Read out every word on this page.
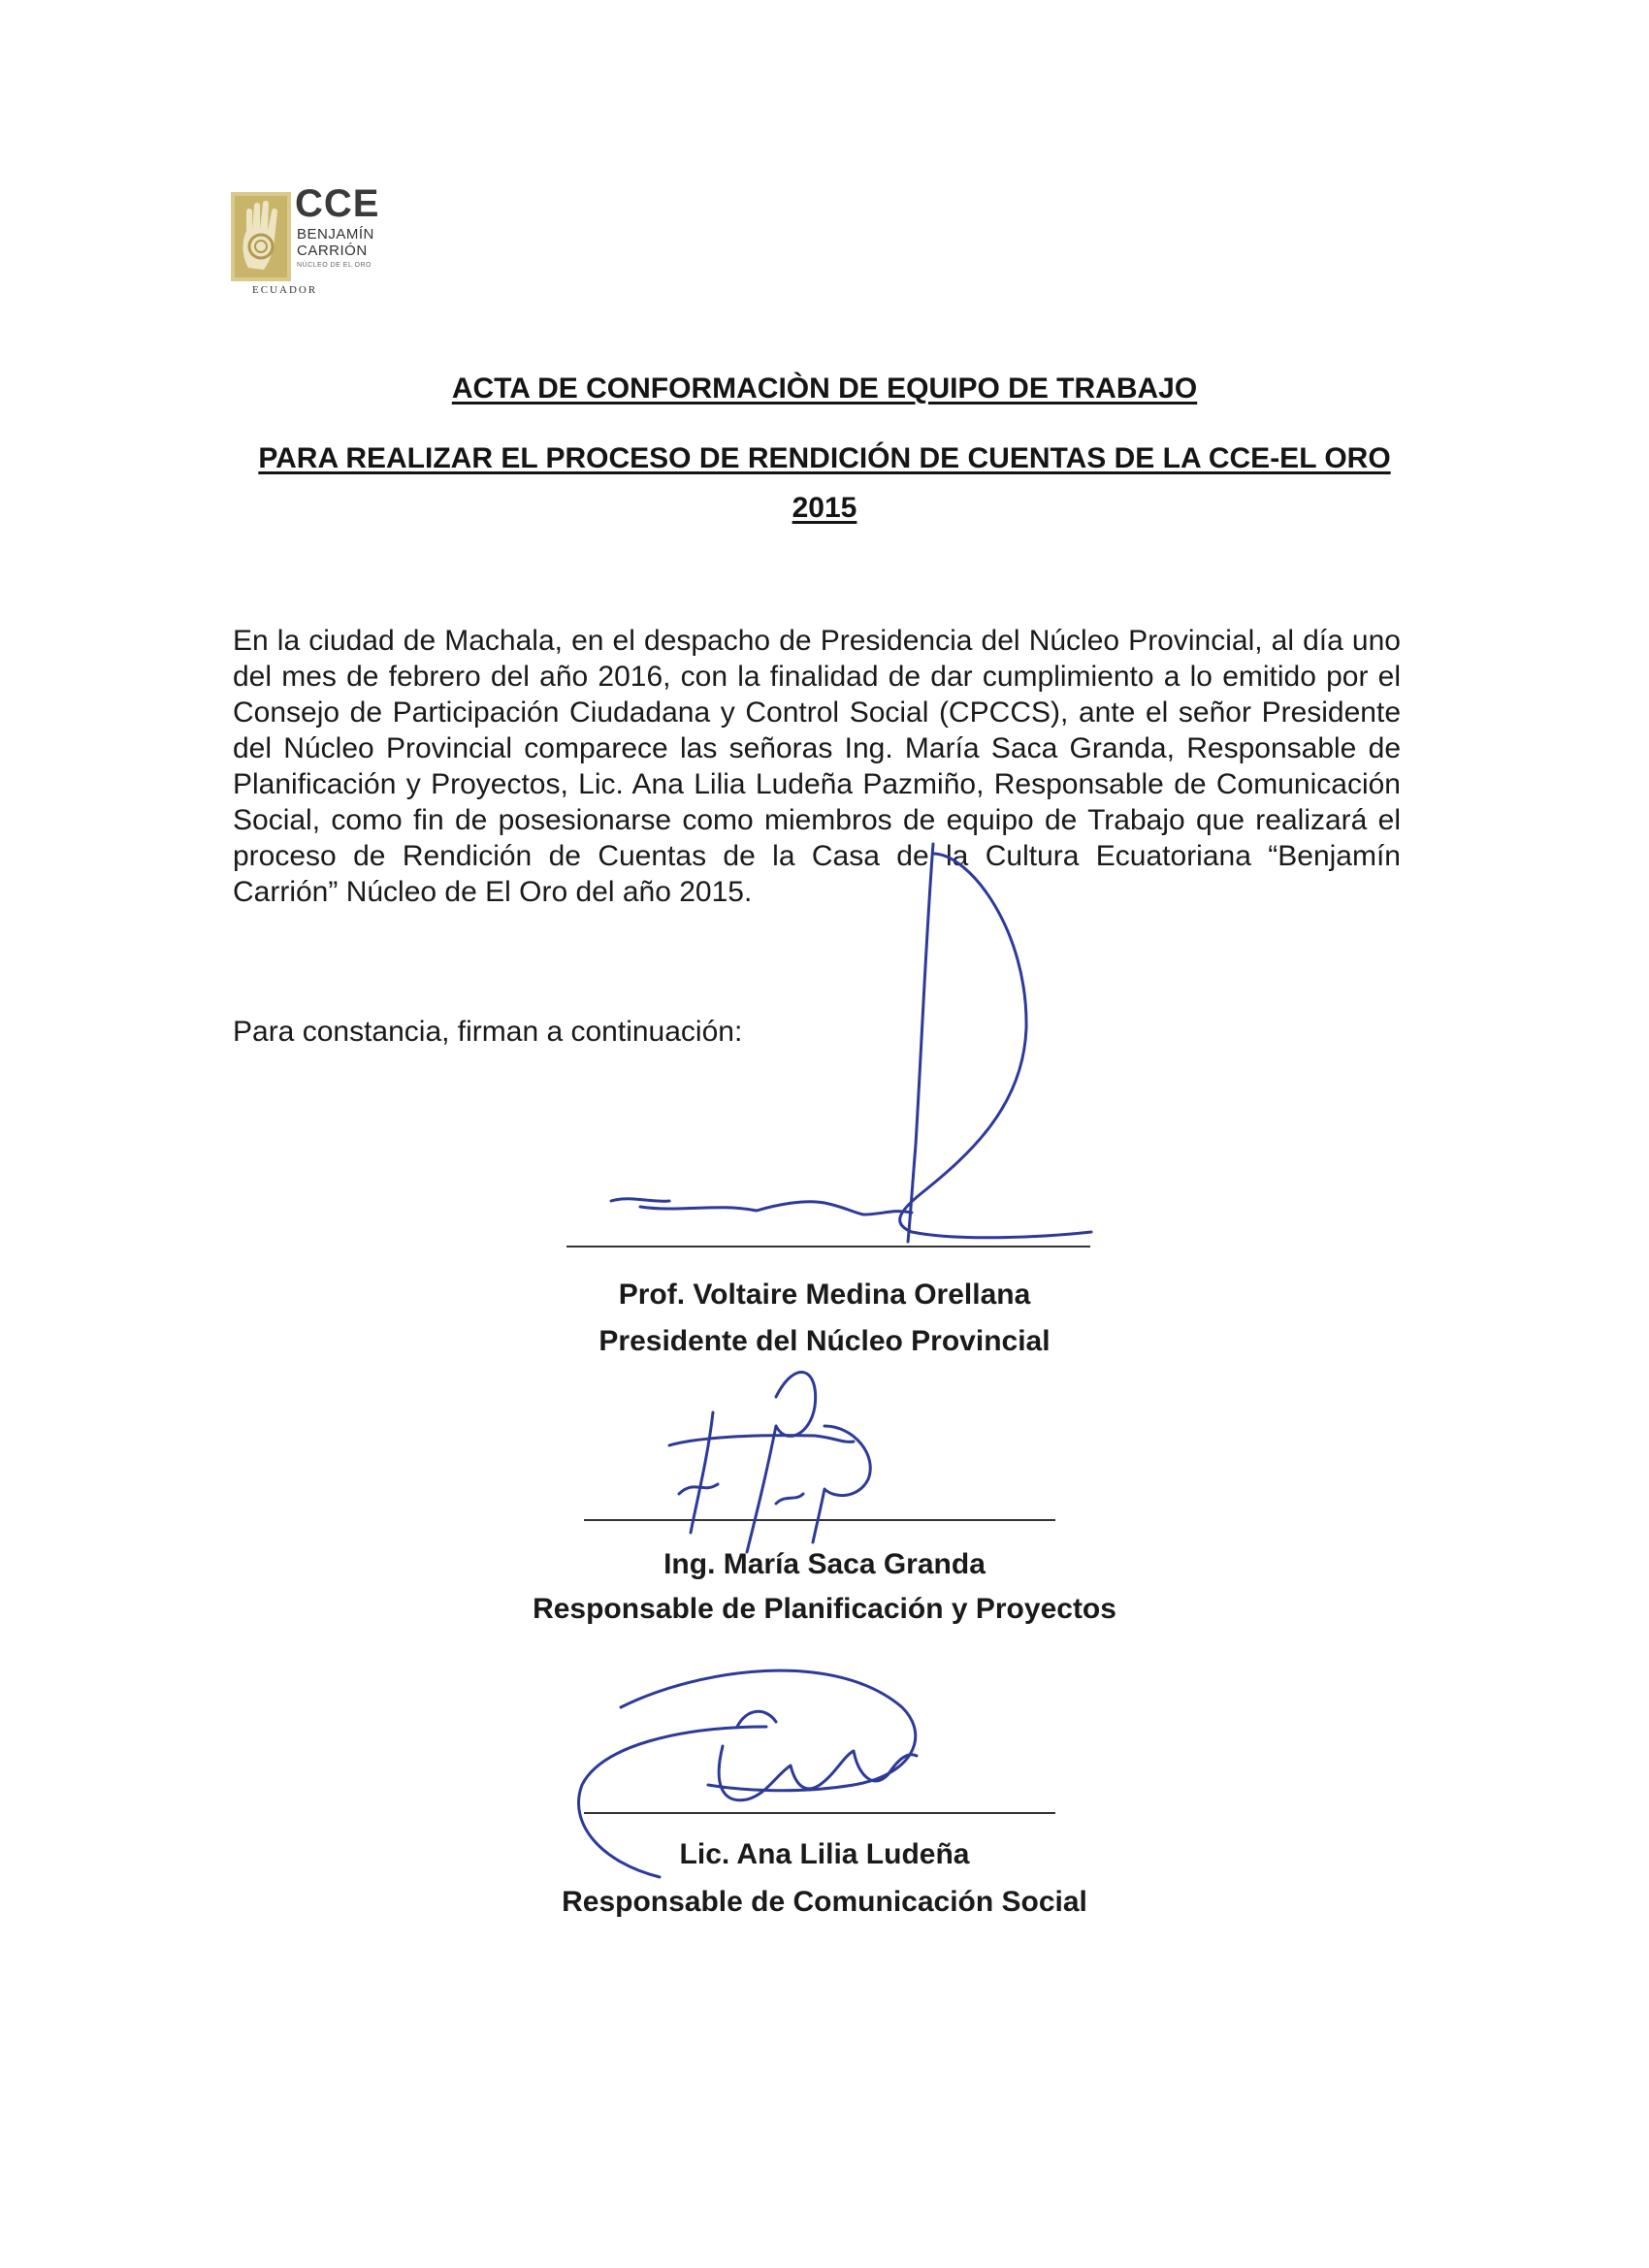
CCE
BENJAMÍN
CARRIÓN
NÚCLEO DE EL ORO
ECUADOR
ACTA DE CONFORMACIÒN DE EQUIPO DE TRABAJO
PARA REALIZAR EL PROCESO DE RENDICIÓN DE CUENTAS DE LA CCE-EL ORO
2015

En la ciudad de Machala, en el despacho de Presidencia del Núcleo Provincial, al día uno del mes de febrero del año 2016, con la finalidad de dar cumplimiento a lo emitido por el Consejo de Participación Ciudadana y Control Social (CPCCS), ante el señor Presidente del Núcleo Provincial comparece las señoras Ing. María Saca Granda, Responsable de Planificación y Proyectos, Lic. Ana Lilia Ludeña Pazmiño, Responsable de Comunicación Social, como fin de posesionarse como miembros de equipo de Trabajo que realizará el proceso de Rendición de Cuentas de la Casa de la Cultura Ecuatoriana “Benjamín Carrión” Núcleo de El Oro del año 2015.

Para constancia, firman a continuación:

Prof. Voltaire Medina Orellana

Presidente del Núcleo Provincial

Ing. María Saca Granda

Responsable de Planificación y Proyectos

Lic. Ana Lilia Ludeña

Responsable de Comunicación Social
